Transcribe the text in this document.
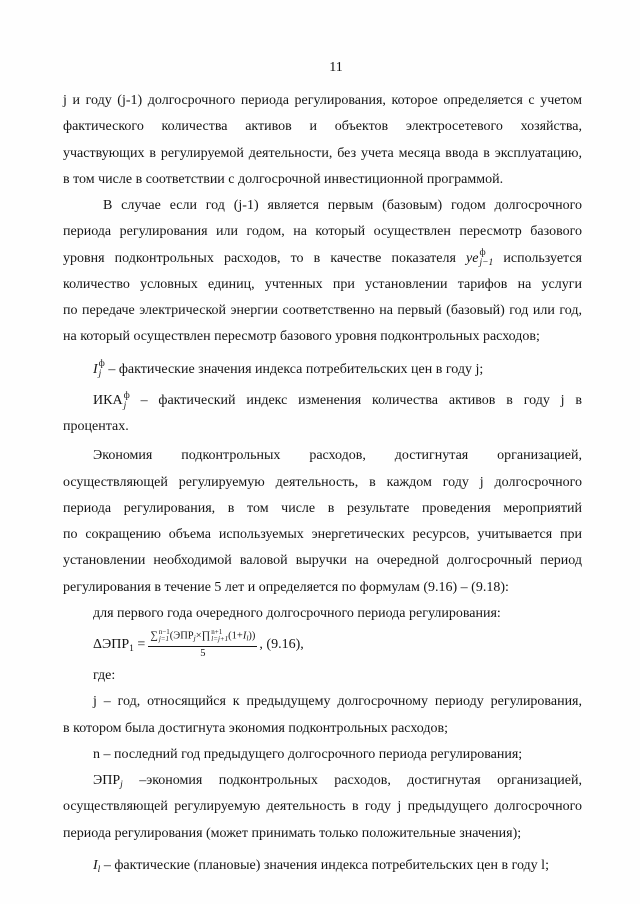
11
j и году (j-1) долгосрочного периода регулирования, которое определяется с учетом
фактического количества активов и объектов электросетевого хозяйства,
участвующих в регулируемой деятельности, без учета месяца ввода в эксплуатацию,
в том числе в соответствии с долгосрочной инвестиционной программой.
В случае если год (j-1) является первым (базовым) годом долгосрочного
периода регулирования или годом, на который осуществлен пересмотр базового
уровня подконтрольных расходов, то в качестве показателя уе ф
j−1 используется
количество условных единиц, учтенных при установлении тарифов на услуги
по передаче электрической энергии соответственно на первый (базовый) год или год,
на который осуществлен пересмотр базового уровня подконтрольных расходов;
I ф
j – фактические значения индекса потребительских цен в году j;
ИКА ф
j – фактический индекс изменения количества активов в году j в
процентах.
Экономия подконтрольных расходов, достигнутая организацией,
осуществляющей регулируемую деятельность, в каждом году j долгосрочного
периода регулирования, в том числе в результате проведения мероприятий
по сокращению объема используемых энергетических ресурсов, учитывается при
установлении необходимой валовой выручки на очередной долгосрочный период
регулирования в течение 5 лет и определяется по формулам (9.16) – (9.18):
для первого года очередного долгосрочного периода регулирования:
$\Delta ЭПР_1$ = ∑ n−1
j=1 (ЭПРj×∏ n+1
l=j+1 (1+Il))
5 , (9.16),
где:
j – год, относящийся к предыдущему долгосрочному периоду регулирования,
в котором была достигнута экономия подконтрольных расходов;
n – последний год предыдущего долгосрочного периода регулирования;
$ЭПР_j$ –экономия подконтрольных расходов, достигнутая организацией,
осуществляющей регулируемую деятельность в году j предыдущего долгосрочного
периода регулирования (может принимать только положительные значения);
$I_l$ – фактические (плановые) значения индекса потребительских цен в году l;
